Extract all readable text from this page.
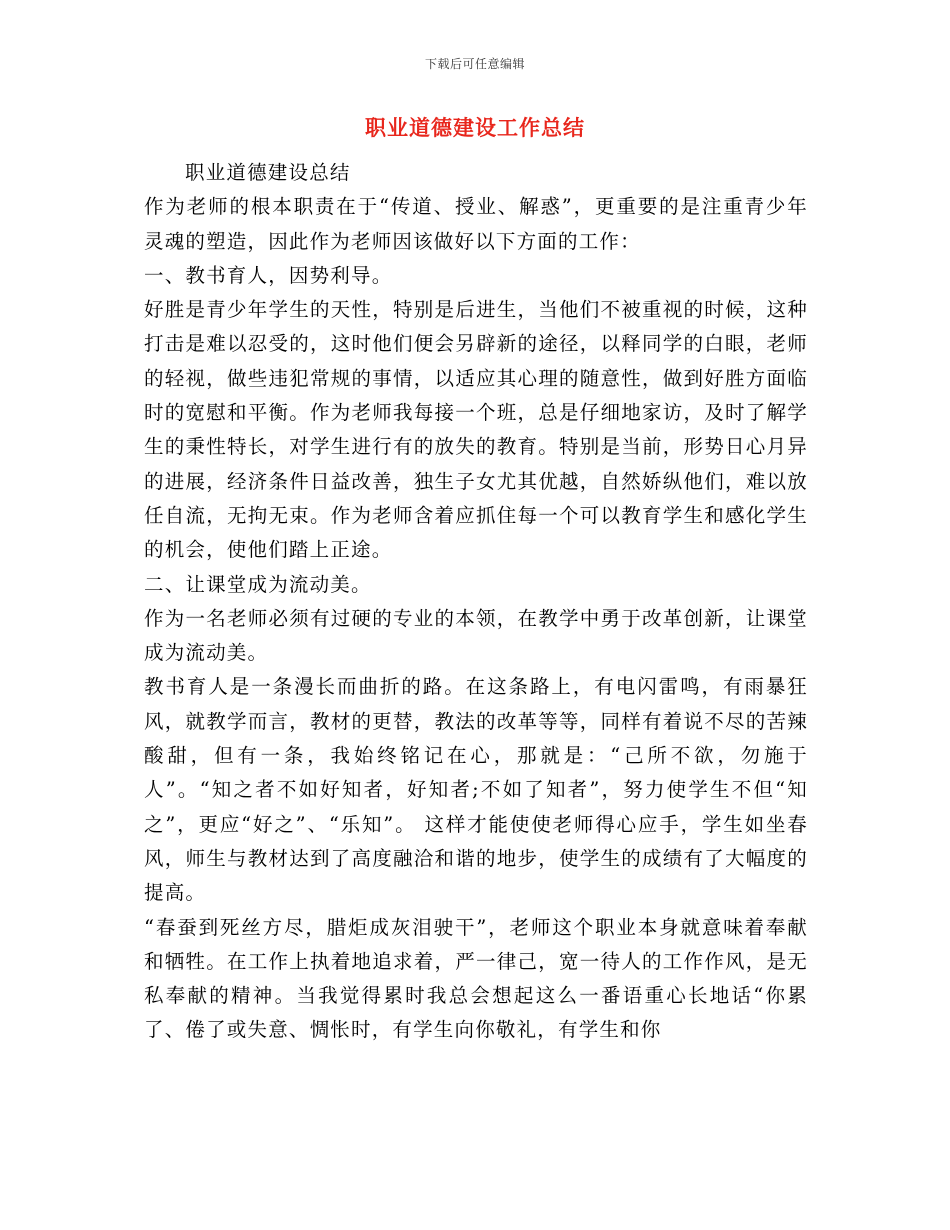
下载后可任意编辑
职业道德建设工作总结

职业道德建设总结

作为老师的根本职责在于“传道、授业、解惑”，更重要的是注重青少年灵魂的塑造，因此作为老师因该做好以下方面的工作：

一、教书育人，因势利导。

好胜是青少年学生的天性，特别是后进生，当他们不被重视的时候，这种打击是难以忍受的，这时他们便会另辟新的途径，以释同学的白眼，老师的轻视，做些违犯常规的事情，以适应其心理的随意性，做到好胜方面临时的宽慰和平衡。作为老师我每接一个班，总是仔细地家访，及时了解学生的秉性特长，对学生进行有的放失的教育。特别是当前，形势日心月异的进展，经济条件日益改善，独生子女尤其优越，自然娇纵他们，难以放任自流，无拘无束。作为老师含着应抓住每一个可以教育学生和感化学生的机会，使他们踏上正途。

二、让课堂成为流动美。

作为一名老师必须有过硬的专业的本领，在教学中勇于改革创新，让课堂成为流动美。

教书育人是一条漫长而曲折的路。在这条路上，有电闪雷鸣，有雨暴狂风，就教学而言，教材的更替，教法的改革等等，同样有着说不尽的苦辣酸甜，但有一条，我始终铭记在心，那就是：“己所不欲，勿施于人”。“知之者不如好知者，好知者;不如了知者”，努力使学生不但“知之”，更应“好之”、“乐知”。 这样才能使使老师得心应手，学生如坐春风，师生与教材达到了高度融洽和谐的地步，使学生的成绩有了大幅度的提高。

“春蚕到死丝方尽，腊炬成灰泪驶干”，老师这个职业本身就意味着奉献和牺牲。在工作上执着地追求着，严一律己，宽一待人的工作作风，是无私奉献的精神。当我觉得累时我总会想起这么一番语重心长地话“你累了、倦了或失意、惆怅时，有学生向你敬礼，有学生和你
